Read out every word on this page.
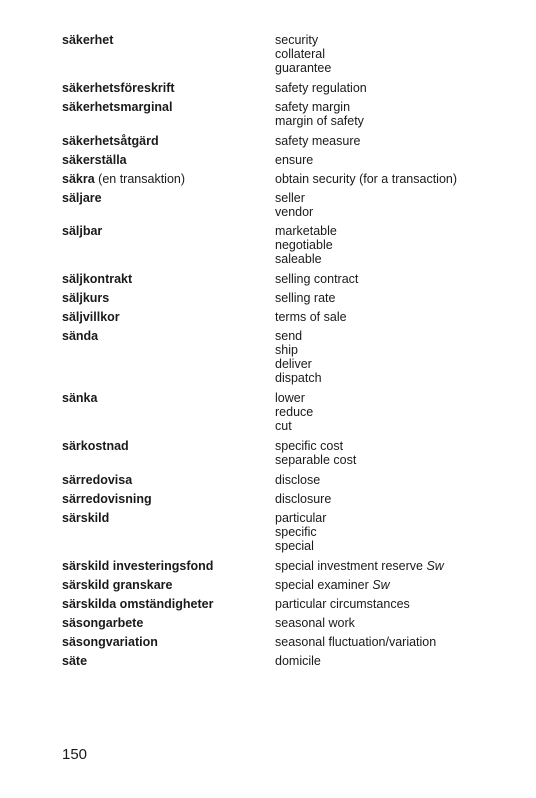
säkerhet	security
collateral
guarantee
säkerhetsföreskrift	safety regulation
säkerhetsmarginal	safety margin
margin of safety
säkerhetsåtgärd	safety measure
säkerställa	ensure
säkra (en transaktion)	obtain security (for a transaction)
säljare	seller
vendor
säljbar	marketable
negotiable
saleable
säljkontrakt	selling contract
säljkurs	selling rate
säljvillkor	terms of sale
sända	send
ship
deliver
dispatch
sänka	lower
reduce
cut
särkostnad	specific cost
separable cost
särredovisa	disclose
särredovisning	disclosure
särskild	particular
specific
special
särskild investeringsfond	special investment reserve Sw
särskild granskare	special examiner Sw
särskilda omständigheter	particular circumstances
säsongarbete	seasonal work
säsongvariation	seasonal fluctuation/variation
säte	domicile
150
